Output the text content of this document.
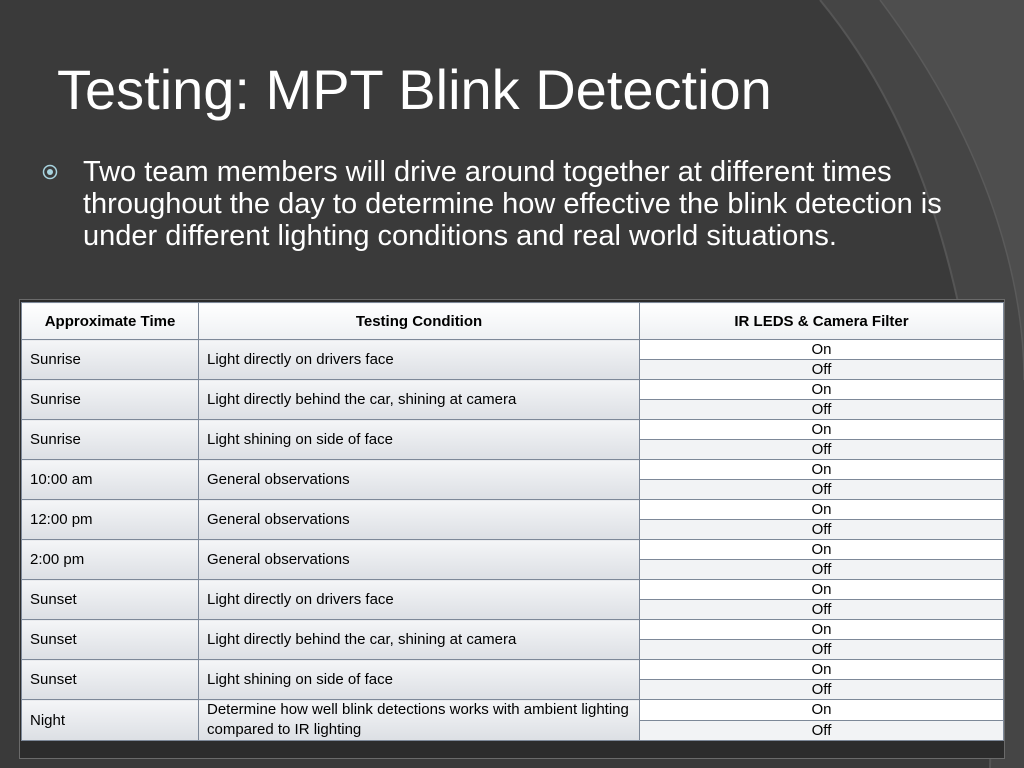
Testing: MPT Blink Detection

Two team members will drive around together at different times throughout the day to determine how effective the blink detection is under different lighting conditions and real world situations.

Approximate Time	Testing Condition	IR LEDS & Camera Filter
Sunrise	Light directly on drivers face	On
		Off
Sunrise	Light directly behind the car, shining at camera	On
		Off
Sunrise	Light shining on side of face	On
		Off
10:00 am	General observations	On
		Off
12:00 pm	General observations	On
		Off
2:00 pm	General observations	On
		Off
Sunset	Light directly on drivers face	On
		Off
Sunset	Light directly behind the car, shining at camera	On
		Off
Sunset	Light shining on side of face	On
		Off
Night	Determine how well blink detections works with ambient lighting compared to IR lighting	On
		Off
